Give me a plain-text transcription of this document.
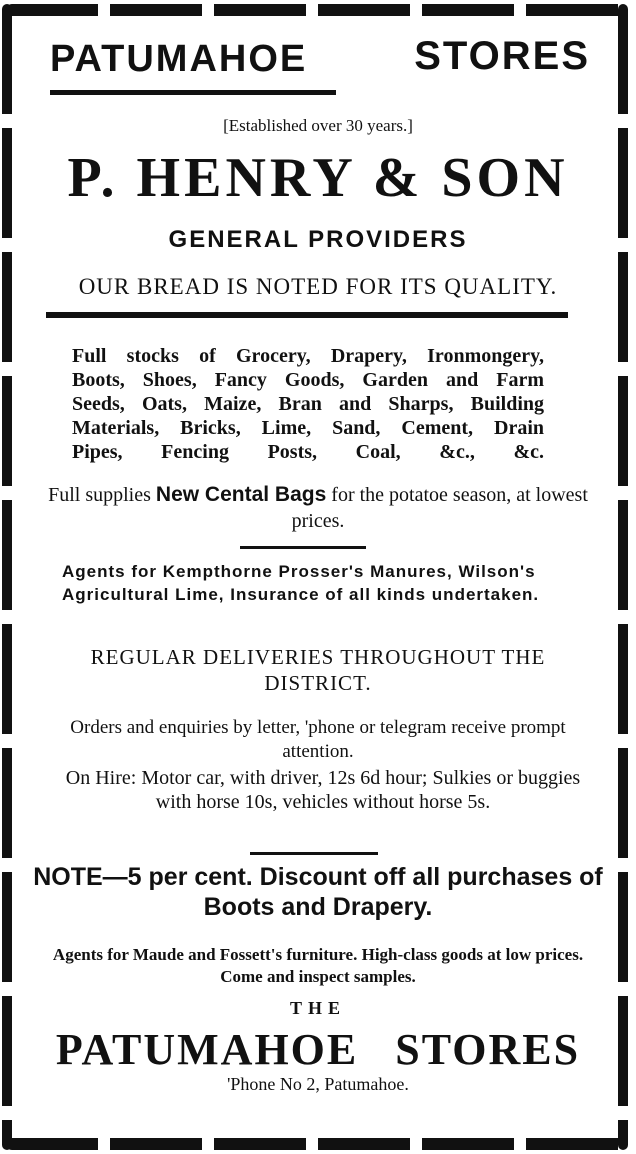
PATUMAHOE	STORES
[Established over 30 years.]
P. HENRY & SON
GENERAL PROVIDERS
OUR BREAD IS NOTED FOR ITS QUALITY.
Full stocks of Grocery, Drapery, Ironmongery,
Boots, Shoes, Fancy Goods, Garden and Farm
Seeds, Oats, Maize, Bran and Sharps, Building
Materials, Bricks, Lime, Sand, Cement, Drain
Pipes, Fencing Posts, Coal, &c., &c.
Full supplies New Cental Bags for the potatoe season, at lowest prices.
Agents for Kempthorne Prosser's Manures, Wilson's Agricultural Lime, Insurance of all kinds undertaken.
REGULAR DELIVERIES THROUGHOUT THE DISTRICT.
Orders and enquiries by letter, 'phone or telegram receive prompt attention.
On Hire: Motor car, with driver, 12s 6d hour; Sulkies or buggies with horse 10s, vehicles without horse 5s.
NOTE—5 per cent. Discount off all purchases of Boots and Drapery.
Agents for Maude and Fossett's furniture. High-class goods at low prices. Come and inspect samples.
THE
PATUMAHOE STORES
'Phone No 2, Patumahoe.
